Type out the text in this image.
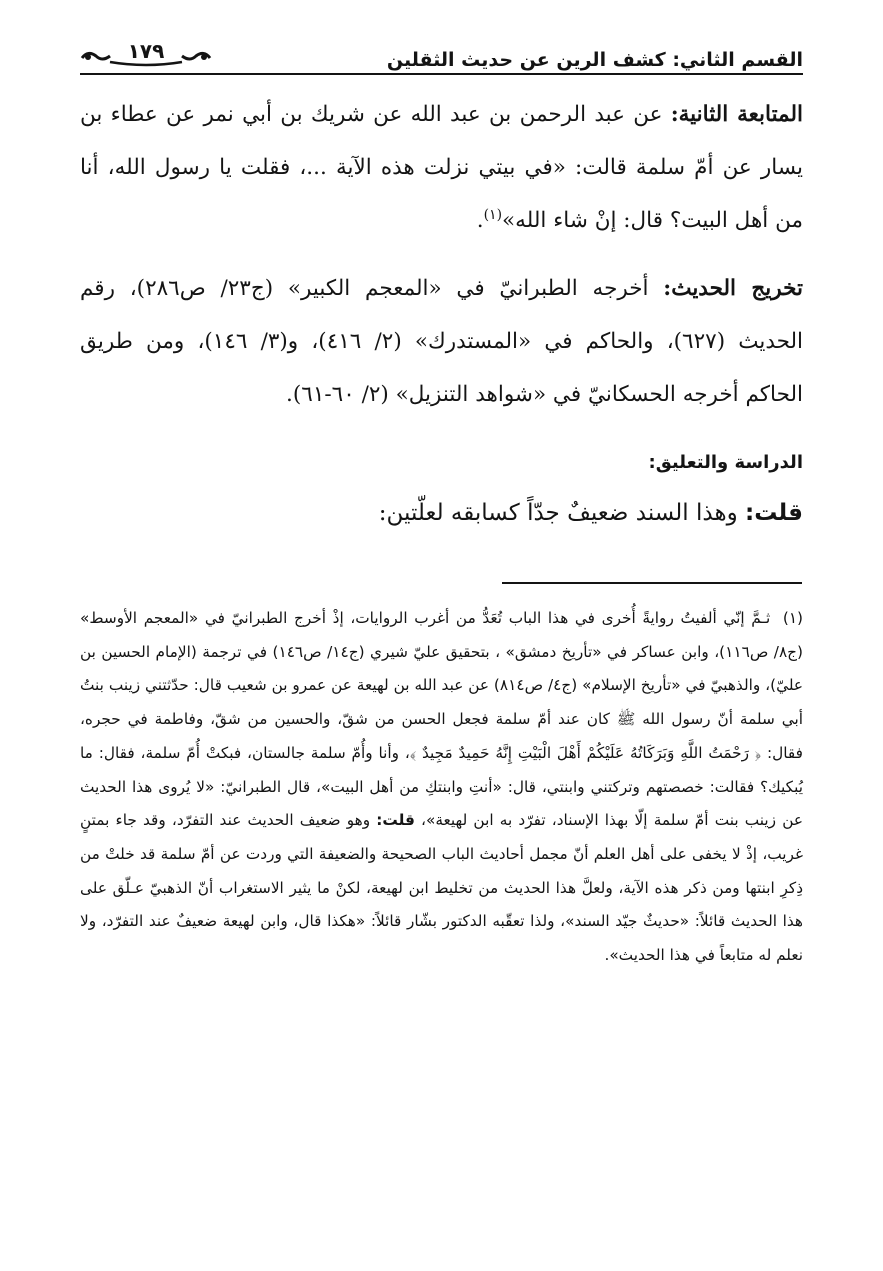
القسم الثاني: كشف الرين عن حديث الثقلين
١٧٩

المتابعة الثانية: عن عبد الرحمن بن عبد الله عن شريك بن أبي نمر عن عطاء بن يسار عن أمّ سلمة قالت: «في بيتي نزلت هذه الآية ...، فقلت يا رسول الله، أنا من أهل البيت؟ قال: إنْ شاء الله»$^{(١)}$.

تخريج الحديث: أخرجه الطبرانيّ في «المعجم الكبير» (ج٢٣/ ص٢٨٦)، رقم الحديث (٦٢٧)، والحاكم في «المستدرك» (٢/ ٤١٦)، و(٣/ ١٤٦)، ومن طريق الحاكم أخرجه الحسكانيّ في «شواهد التنزيل» (٢/ ٦٠-٦١).

الدراسة والتعليق:

قلت: وهذا السند ضعيفٌ جدّاً كسابقه لعلّتين:

(١) ثـمَّ إنّي ألفيتُ روايةً أُخرى في هذا الباب تُعَدُّ من أغرب الروايات، إذْ أخرج الطبرانيّ في «المعجم الأوسط» (ج٨/ ص١١٦)، وابن عساكر في «تأريخ دمشق» ، بتحقيق عليّ شيري (ج١٤/ ص١٤٦) في ترجمة (الإمام الحسين بن عليّ)، والذهبيّ في «تأريخ الإسلام» (ج٤/ ص٨١٤) عن عبد الله بن لهيعة عن عمرو بن شعيب قال: حدّثتني زينب بنتُ أبي سلمة أنّ رسول الله ﷺ كان عند أمّ سلمة فجعل الحسن من شقّ، والحسين من شقّ، وفاطمة في حجره، فقال: ﴿ رَحْمَتُ اللَّهِ وَبَرَكَاتُهُ عَلَيْكُمْ أَهْلَ الْبَيْتِ إِنَّهُ حَمِيدٌ مَجِيدٌ ﴾، وأنا وأُمّ سلمة جالستان، فبكتْ أُمّ سلمة، فقال: ما يُبكيك؟ فقالت: خصصتهم وتركتني وابنتي، قال: «أنتِ وابنتكِ من أهل البيت»، قال الطبرانيّ: «لا يُروى هذا الحديث عن زينب بنت أمّ سلمة إلّا بهذا الإسناد، تفرّد به ابن لهيعة»، قلت: وهو ضعيف الحديث عند التفرّد، وقد جاء بمتنٍ غريب، إذْ لا يخفى على أهل العلم أنّ مجمل أحاديث الباب الصحيحة والضعيفة التي وردت عن أمّ سلمة قد خلتْ من ذِكرِ ابنتها ومن ذكر هذه الآية، ولعلَّ هذا الحديث من تخليط ابن لهيعة، لكنْ ما يثير الاستغراب أنّ الذهبيّ عـلّق على هذا الحديث قائلاً: «حديثٌ جيّد السند»، ولذا تعقّبه الدكتور بشّار قائلاً: «هكذا قال، وابن لهيعة ضعيفٌ عند التفرّد، ولا نعلم له متابعاً في هذا الحديث».
